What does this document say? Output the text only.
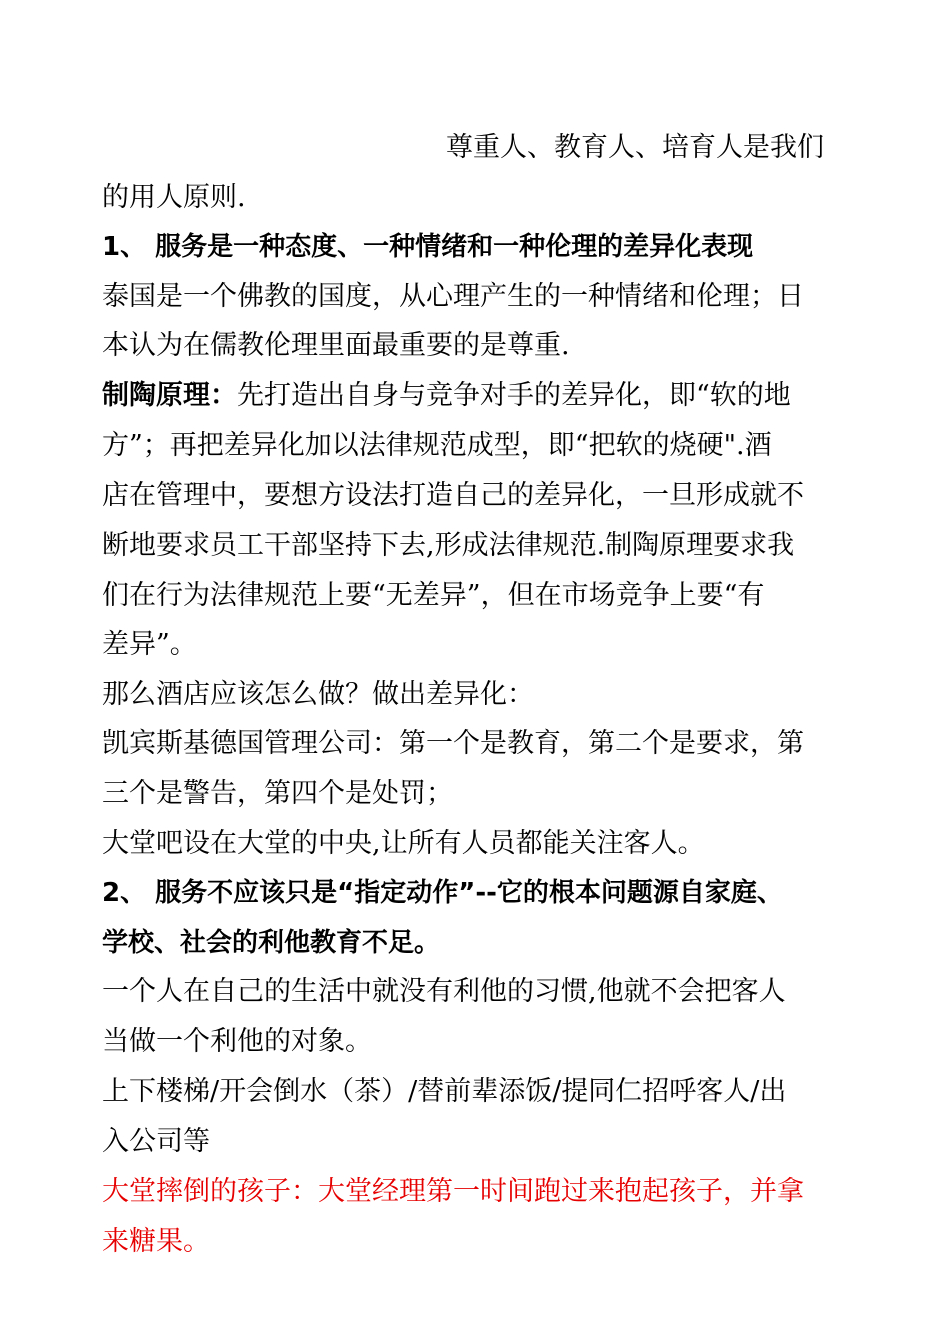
尊重人、教育人、培育人是我们
的用人原则.
1、 服务是一种态度、一种情绪和一种伦理的差异化表现
泰国是一个佛教的国度，从心理产生的一种情绪和伦理；日
本认为在儒教伦理里面最重要的是尊重.
制陶原理：先打造出自身与竞争对手的差异化，即“软的地
方”；再把差异化加以法律规范成型，即“把软的烧硬".酒
店在管理中，要想方设法打造自己的差异化，一旦形成就不
断地要求员工干部坚持下去,形成法律规范.制陶原理要求我
们在行为法律规范上要“无差异”，但在市场竞争上要“有
差异”。
那么酒店应该怎么做？做出差异化：
凯宾斯基德国管理公司：第一个是教育，第二个是要求，第
三个是警告，第四个是处罚；
大堂吧设在大堂的中央,让所有人员都能关注客人。
2、 服务不应该只是“指定动作”--它的根本问题源自家庭、
学校、社会的利他教育不足。
一个人在自己的生活中就没有利他的习惯,他就不会把客人
当做一个利他的对象。
上下楼梯/开会倒水（茶）/替前辈添饭/提同仁招呼客人/出
入公司等
大堂摔倒的孩子：大堂经理第一时间跑过来抱起孩子，并拿
来糖果。
